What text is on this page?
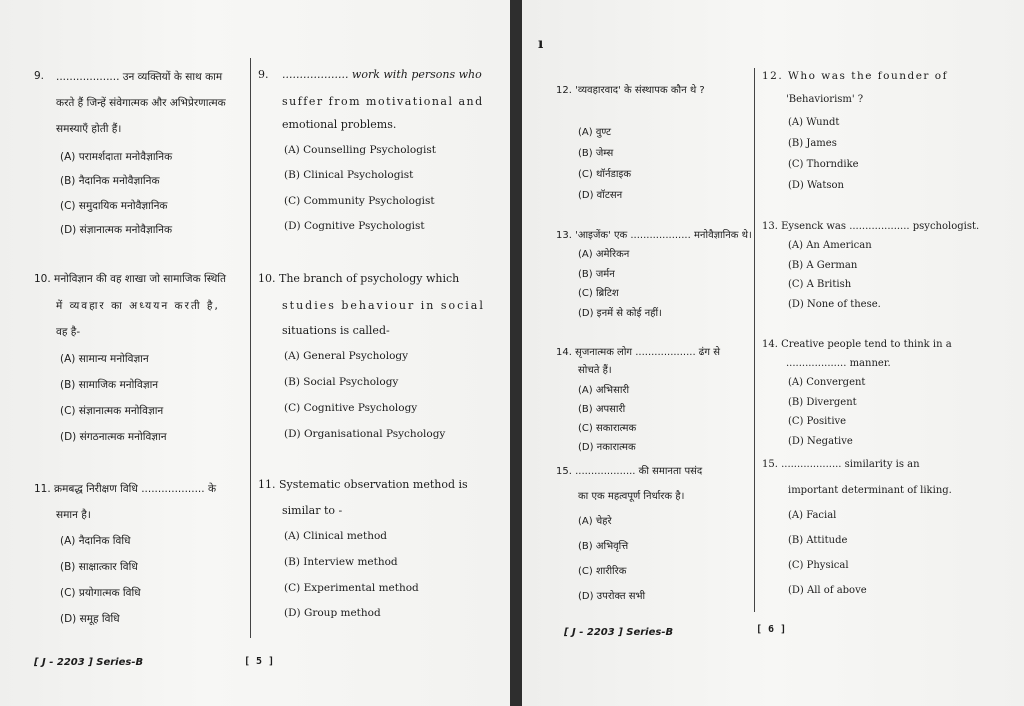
9. ................... उन व्यक्तियों के साथ काम
करते हैं जिन्हें संवेगात्मक और अभिप्रेरणात्मक
समस्याएँ होती हैं।
(A) परामर्शदाता मनोवैज्ञानिक
(B) नैदानिक मनोवैज्ञानिक
(C) समुदायिक मनोवैज्ञानिक
(D) संज्ञानात्मक मनोवैज्ञानिक
9. ................... work with persons who
suffer from motivational and
emotional problems.
(A) Counselling Psychologist
(B) Clinical Psychologist
(C) Community Psychologist
(D) Cognitive Psychologist
10. मनोविज्ञान की वह शाखा जो सामाजिक स्थिति
में व्यवहार का अध्ययन करती है,
वह है-
(A) सामान्य मनोविज्ञान
(B) सामाजिक मनोविज्ञान
(C) संज्ञानात्मक मनोविज्ञान
(D) संगठनात्मक मनोविज्ञान
10. The branch of psychology which
studies behaviour in social
situations is called-
(A) General Psychology
(B) Social Psychology
(C) Cognitive Psychology
(D) Organisational Psychology
11. क्रमबद्ध निरीक्षण विधि ................... के
समान है।
(A) नैदानिक विधि
(B) साक्षात्कार विधि
(C) प्रयोगात्मक विधि
(D) समूह विधि
11. Systematic observation method is
similar to -
(A) Clinical method
(B) Interview method
(C) Experimental method
(D) Group method
[ J - 2203 ] Series-B	[ 5 ]
ı
12. 'व्यवहारवाद' के संस्थापक कौन थे ?
(A) वुण्ट
(B) जेम्स
(C) थॉर्नडाइक
(D) वॉटसन
12. Who was the founder of
'Behaviorism' ?
(A) Wundt
(B) James
(C) Thorndike
(D) Watson
13. 'आइजेंक' एक ................... मनोवैज्ञानिक थे।
(A) अमेरिकन
(B) जर्मन
(C) ब्रिटिश
(D) इनमें से कोई नहीं।
13. Eysenck was ................... psychologist.
(A) An American
(B) A German
(C) A British
(D) None of these.
14. सृजनात्मक लोग ................... ढंग से
सोचते हैं।
(A) अभिसारी
(B) अपसारी
(C) सकारात्मक
(D) नकारात्मक
14. Creative people tend to think in a
................... manner.
(A) Convergent
(B) Divergent
(C) Positive
(D) Negative
15. ................... की समानता पसंद
का एक महत्वपूर्ण निर्धारक है।
(A) चेहरे
(B) अभिवृत्ति
(C) शारीरिक
(D) उपरोक्त सभी
15. ................... similarity is an
important determinant of liking.
(A) Facial
(B) Attitude
(C) Physical
(D) All of above
[ J - 2203 ] Series-B	[ 6 ]
